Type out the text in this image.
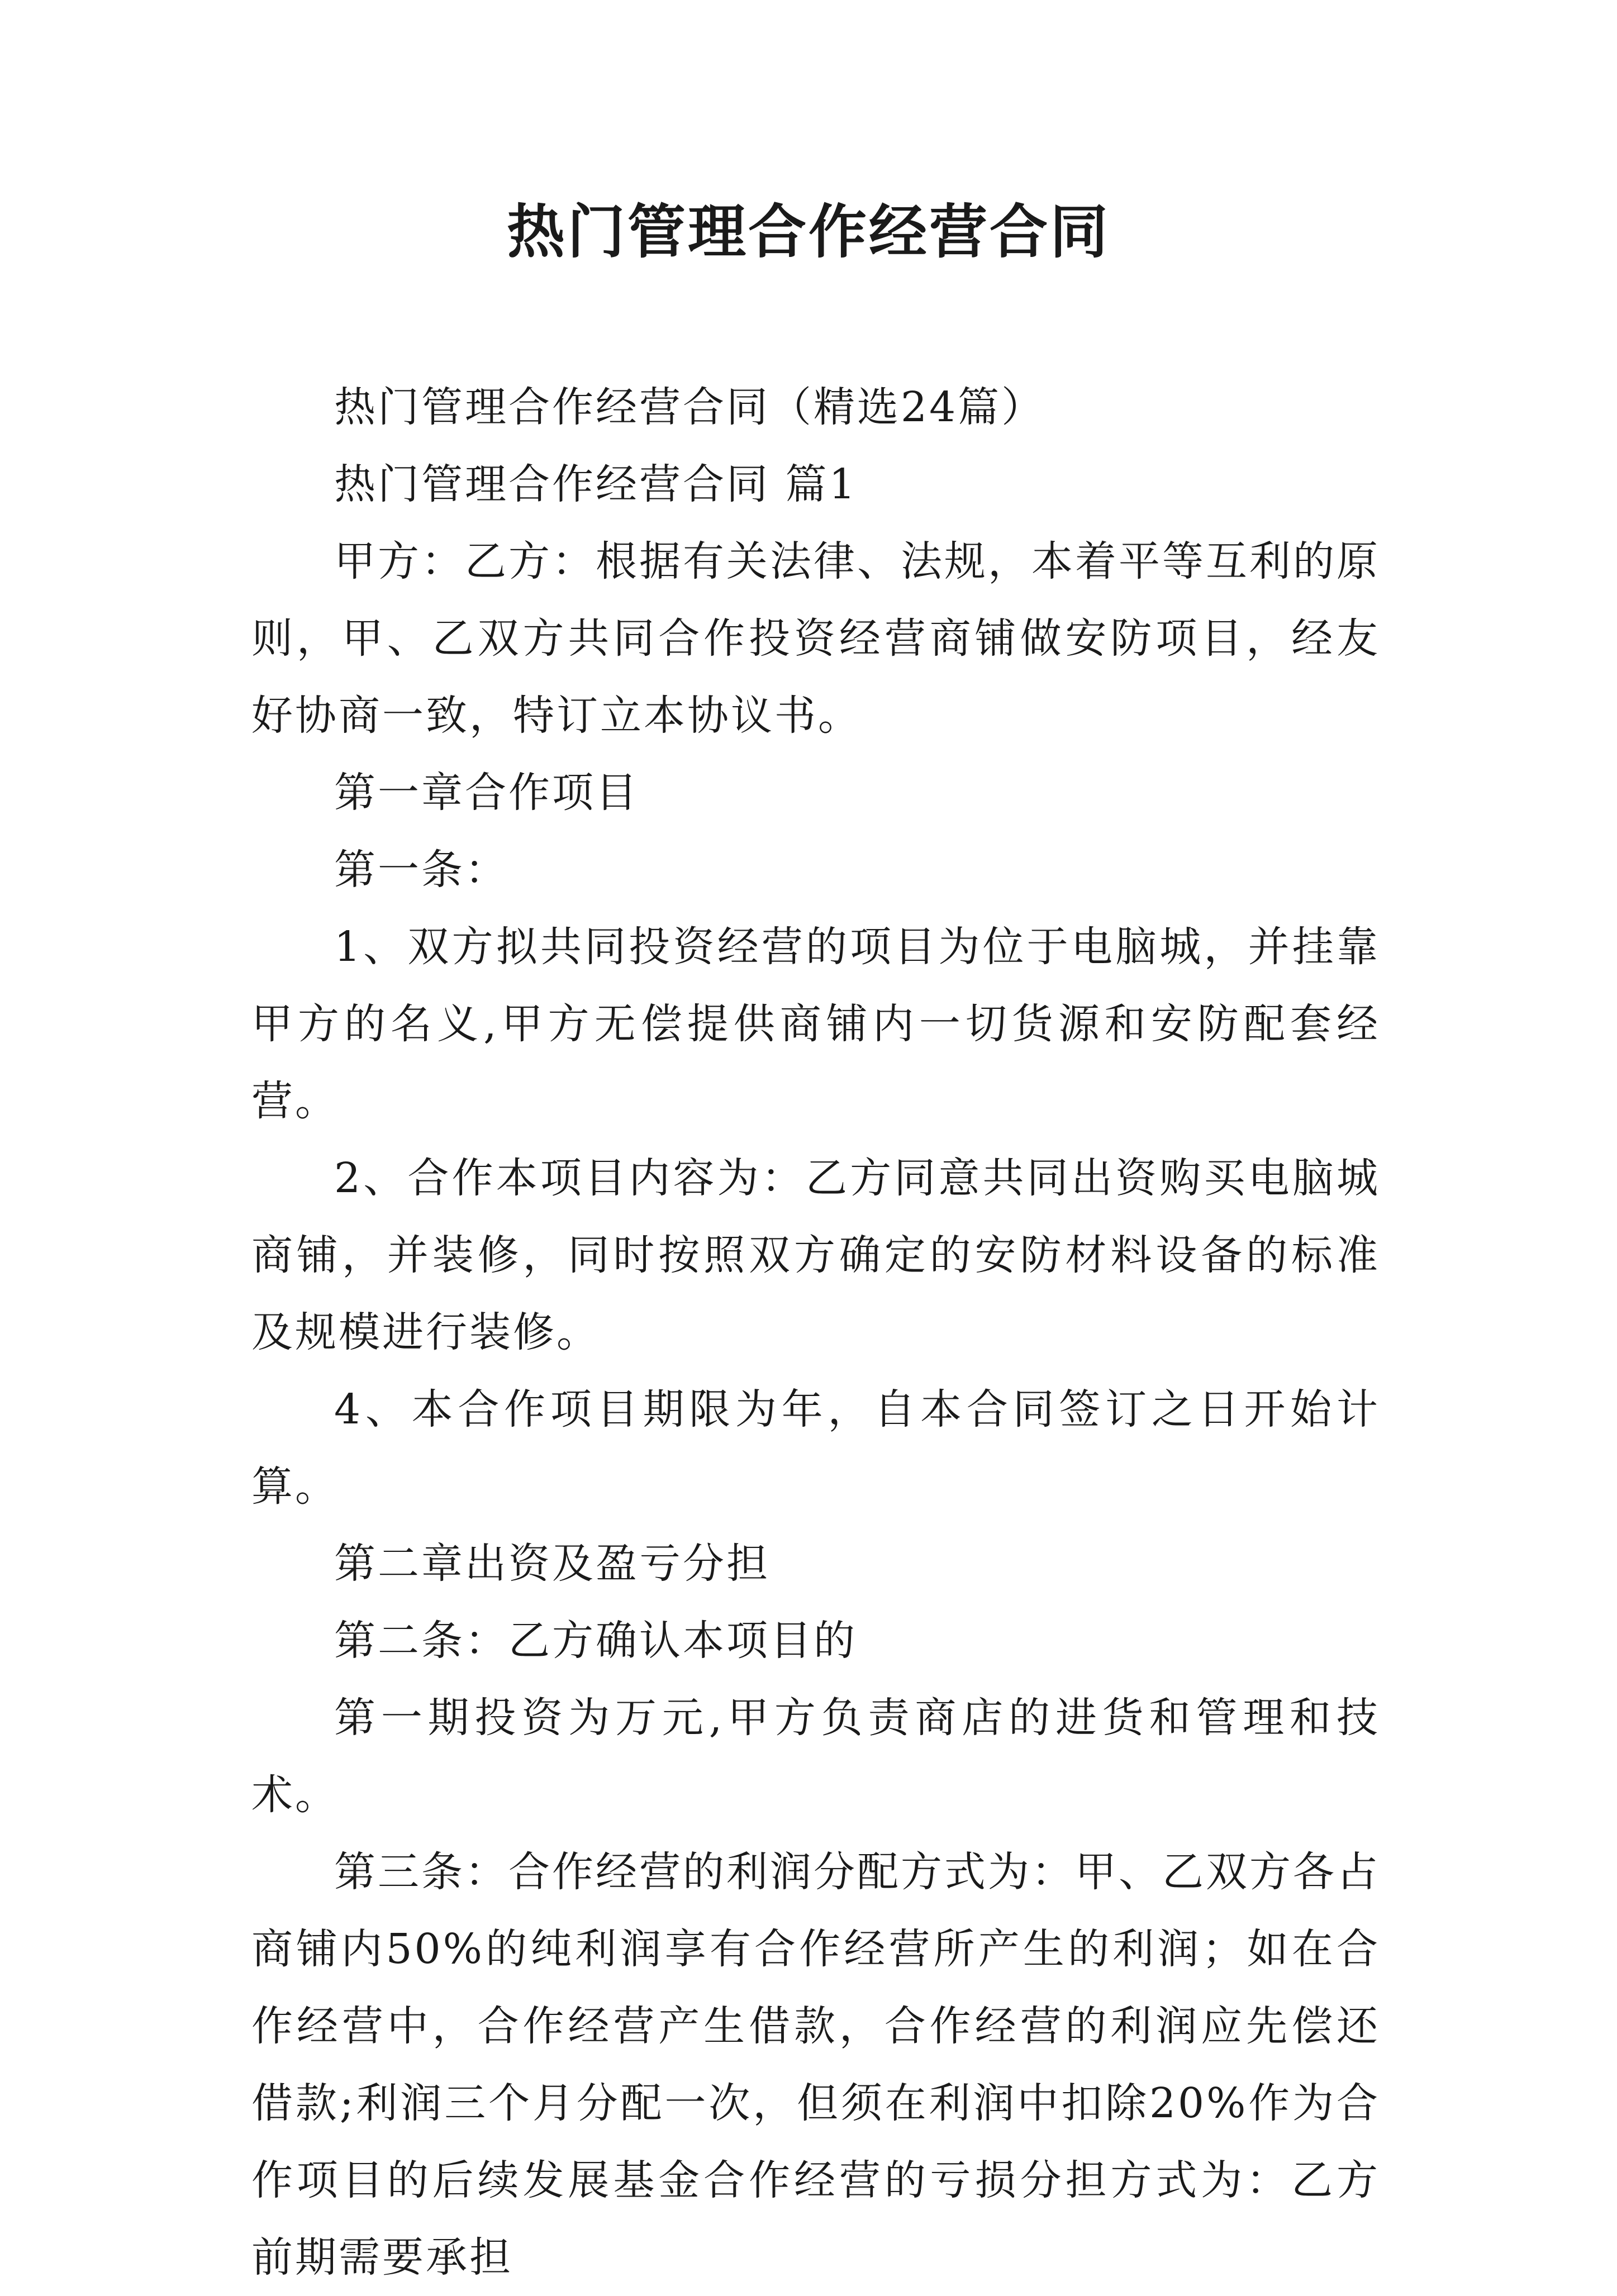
热门管理合作经营合同

热门管理合作经营合同（精选24篇）

热门管理合作经营合同 篇1

甲方：乙方：根据有关法律、法规，本着平等互利的原则，甲、乙双方共同合作投资经营商铺做安防项目，经友好协商一致，特订立本协议书。

第一章合作项目

第一条：

1、双方拟共同投资经营的项目为位于电脑城，并挂靠甲方的名义,甲方无偿提供商铺内一切货源和安防配套经营。

2、合作本项目内容为：乙方同意共同出资购买电脑城商铺，并装修，同时按照双方确定的安防材料设备的标准及规模进行装修。

4、本合作项目期限为年，自本合同签订之日开始计算。

第二章出资及盈亏分担

第二条：乙方确认本项目的

第一期投资为万元,甲方负责商店的进货和管理和技术。

第三条：合作经营的利润分配方式为：甲、乙双方各占商铺内50%的纯利润享有合作经营所产生的利润；如在合作经营中，合作经营产生借款，合作经营的利润应先偿还借款;利润三个月分配一次，但须在利润中扣除20%作为合作项目的后续发展基金合作经营的亏损分担方式为：乙方前期需要承担
